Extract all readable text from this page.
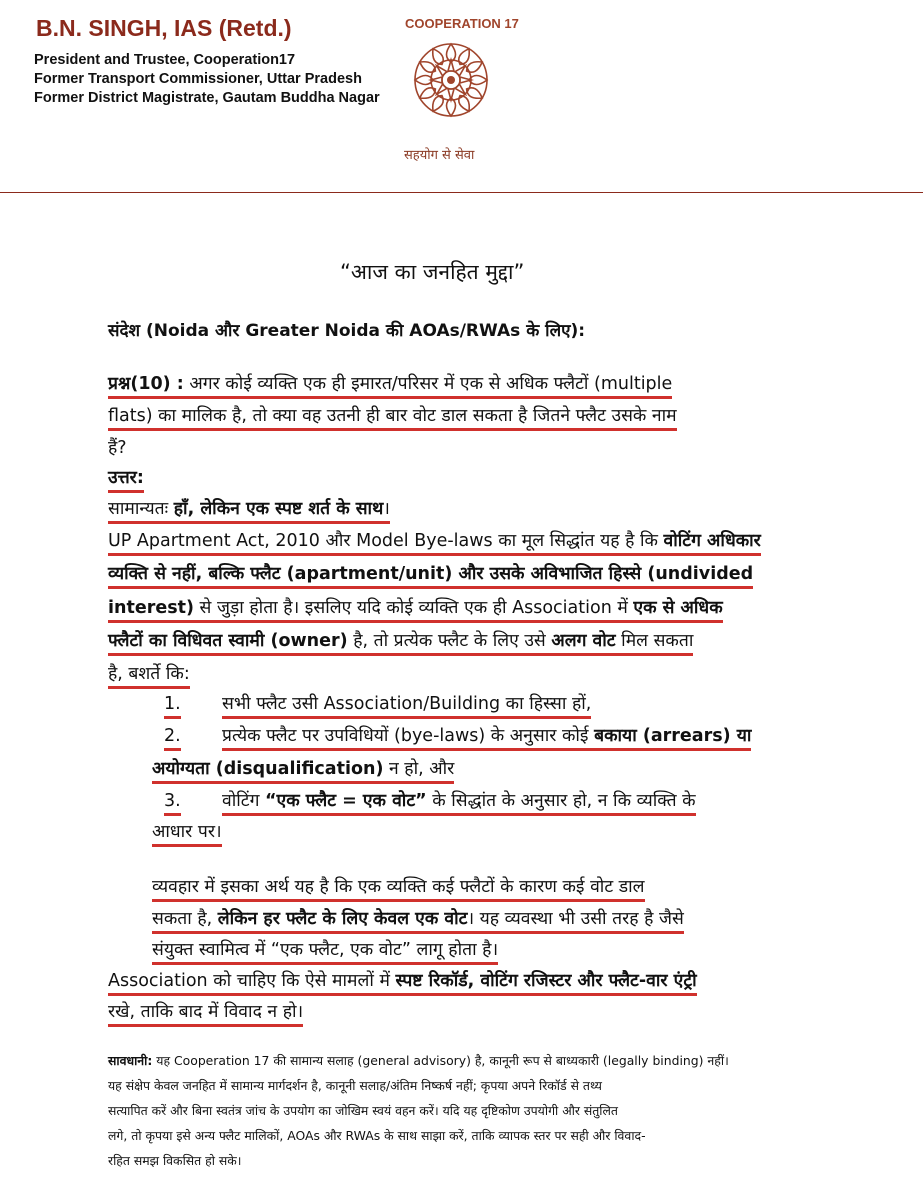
B.N. SINGH, IAS (Retd.)
President and Trustee, Cooperation17
Former Transport Commissioner, Uttar Pradesh
Former District Magistrate, Gautam Buddha Nagar
COOPERATION 17
सहयोग से सेवा
“आज का जनहित मुद्दा”
संदेश (Noida और Greater Noida की AOAs/RWAs के लिए):
प्रश्न(10) : अगर कोई व्यक्ति एक ही इमारत/परिसर में एक से अधिक फ्लैटों (multiple
flats) का मालिक है, तो क्या वह उतनी ही बार वोट डाल सकता है जितने फ्लैट उसके नाम
हैं?
उत्तर:
सामान्यतः हाँ, लेकिन एक स्पष्ट शर्त के साथ।
UP Apartment Act, 2010 और Model Bye-laws का मूल सिद्धांत यह है कि वोटिंग अधिकार
व्यक्ति से नहीं, बल्कि फ्लैट (apartment/unit) और उसके अविभाजित हिस्से (undivided
interest) से जुड़ा होता है। इसलिए यदि कोई व्यक्ति एक ही Association में एक से अधिक
फ्लैटों का विधिवत स्वामी (owner) है, तो प्रत्येक फ्लैट के लिए उसे अलग वोट मिल सकता
है, बशर्ते कि:
1. सभी फ्लैट उसी Association/Building का हिस्सा हों,
2. प्रत्येक फ्लैट पर उपविधियों (bye-laws) के अनुसार कोई बकाया (arrears) या
अयोग्यता (disqualification) न हो, और
3. वोटिंग “एक फ्लैट = एक वोट” के सिद्धांत के अनुसार हो, न कि व्यक्ति के
आधार पर।
व्यवहार में इसका अर्थ यह है कि एक व्यक्ति कई फ्लैटों के कारण कई वोट डाल
सकता है, लेकिन हर फ्लैट के लिए केवल एक वोट। यह व्यवस्था भी उसी तरह है जैसे
संयुक्त स्वामित्व में “एक फ्लैट, एक वोट” लागू होता है।
Association को चाहिए कि ऐसे मामलों में स्पष्ट रिकॉर्ड, वोटिंग रजिस्टर और फ्लैट-वार एंट्री
रखे, ताकि बाद में विवाद न हो।
सावधानी: यह Cooperation 17 की सामान्य सलाह (general advisory) है, कानूनी रूप से बाध्यकारी (legally binding) नहीं।
यह संक्षेप केवल जनहित में सामान्य मार्गदर्शन है, कानूनी सलाह/अंतिम निष्कर्ष नहीं; कृपया अपने रिकॉर्ड से तथ्य
सत्यापित करें और बिना स्वतंत्र जांच के उपयोग का जोखिम स्वयं वहन करें। यदि यह दृष्टिकोण उपयोगी और संतुलित
लगे, तो कृपया इसे अन्य फ्लैट मालिकों, AOAs और RWAs के साथ साझा करें, ताकि व्यापक स्तर पर सही और विवाद-
रहित समझ विकसित हो सके।
